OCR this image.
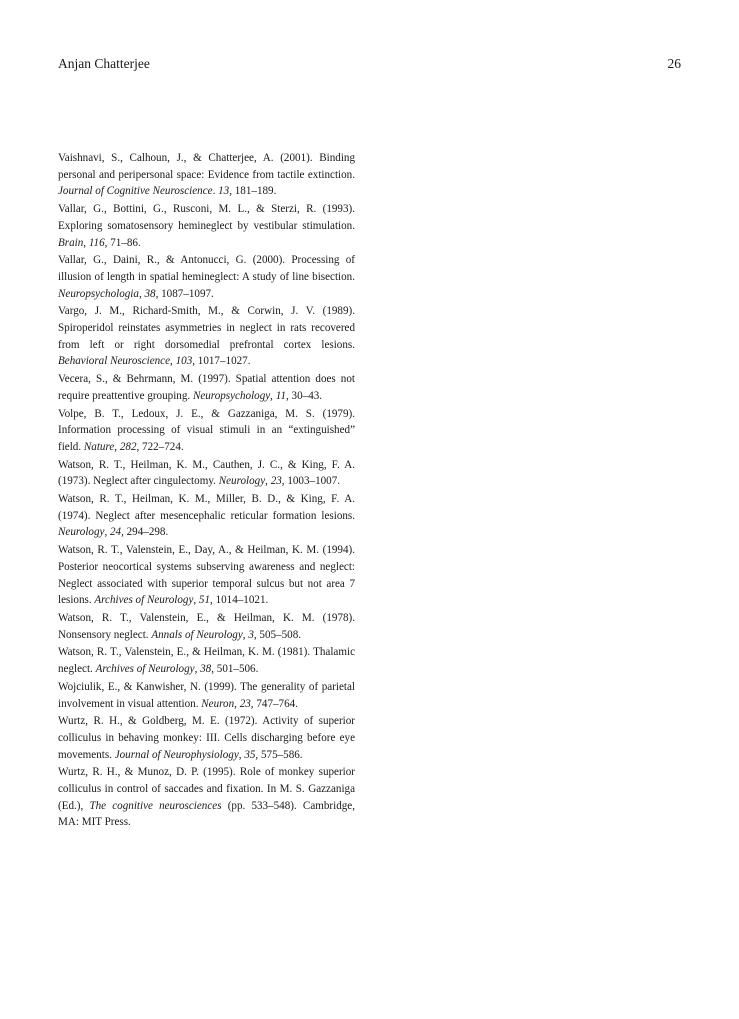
Anjan Chatterjee	26

Vaishnavi, S., Calhoun, J., & Chatterjee, A. (2001). Binding personal and peripersonal space: Evidence from tactile extinction. Journal of Cognitive Neuroscience. 13, 181–189.

Vallar, G., Bottini, G., Rusconi, M. L., & Sterzi, R. (1993). Exploring somatosensory hemineglect by vestibular stimulation. Brain, 116, 71–86.

Vallar, G., Daini, R., & Antonucci, G. (2000). Processing of illusion of length in spatial hemineglect: A study of line bisection. Neuropsychologia, 38, 1087–1097.

Vargo, J. M., Richard-Smith, M., & Corwin, J. V. (1989). Spiroperidol reinstates asymmetries in neglect in rats recovered from left or right dorsomedial prefrontal cortex lesions. Behavioral Neuroscience, 103, 1017–1027.

Vecera, S., & Behrmann, M. (1997). Spatial attention does not require preattentive grouping. Neuropsychology, 11, 30–43.

Volpe, B. T., Ledoux, J. E., & Gazzaniga, M. S. (1979). Information processing of visual stimuli in an “extinguished” field. Nature, 282, 722–724.

Watson, R. T., Heilman, K. M., Cauthen, J. C., & King, F. A. (1973). Neglect after cingulectomy. Neurology, 23, 1003–1007.

Watson, R. T., Heilman, K. M., Miller, B. D., & King, F. A. (1974). Neglect after mesencephalic reticular formation lesions. Neurology, 24, 294–298.

Watson, R. T., Valenstein, E., Day, A., & Heilman, K. M. (1994). Posterior neocortical systems subserving awareness and neglect: Neglect associated with superior temporal sulcus but not area 7 lesions. Archives of Neurology, 51, 1014–1021.

Watson, R. T., Valenstein, E., & Heilman, K. M. (1978). Nonsensory neglect. Annals of Neurology, 3, 505–508.

Watson, R. T., Valenstein, E., & Heilman, K. M. (1981). Thalamic neglect. Archives of Neurology, 38, 501–506.

Wojciulik, E., & Kanwisher, N. (1999). The generality of parietal involvement in visual attention. Neuron, 23, 747–764.

Wurtz, R. H., & Goldberg, M. E. (1972). Activity of superior colliculus in behaving monkey: III. Cells discharging before eye movements. Journal of Neurophysiology, 35, 575–586.

Wurtz, R. H., & Munoz, D. P. (1995). Role of monkey superior colliculus in control of saccades and fixation. In M. S. Gazzaniga (Ed.), The cognitive neurosciences (pp. 533–548). Cambridge, MA: MIT Press.
